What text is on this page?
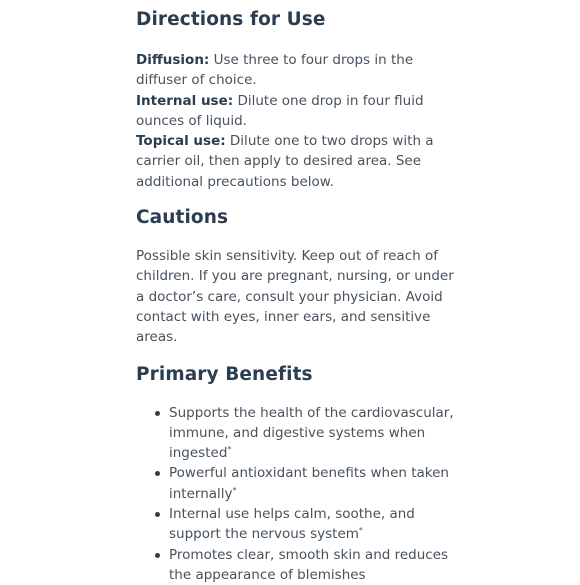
Directions for Use

Diffusion: Use three to four drops in the diffuser of choice.

Internal use: Dilute one drop in four fluid ounces of liquid.

Topical use: Dilute one to two drops with a carrier oil, then apply to desired area. See additional precautions below.

Cautions

Possible skin sensitivity. Keep out of reach of children. If you are pregnant, nursing, or under a doctor’s care, consult your physician. Avoid contact with eyes, inner ears, and sensitive areas.

Primary Benefits
Supports the health of the cardiovascular, immune, and digestive systems when ingested*
Powerful antioxidant benefits when taken internally*
Internal use helps calm, soothe, and support the nervous system*
Promotes clear, smooth skin and reduces the appearance of blemishes
